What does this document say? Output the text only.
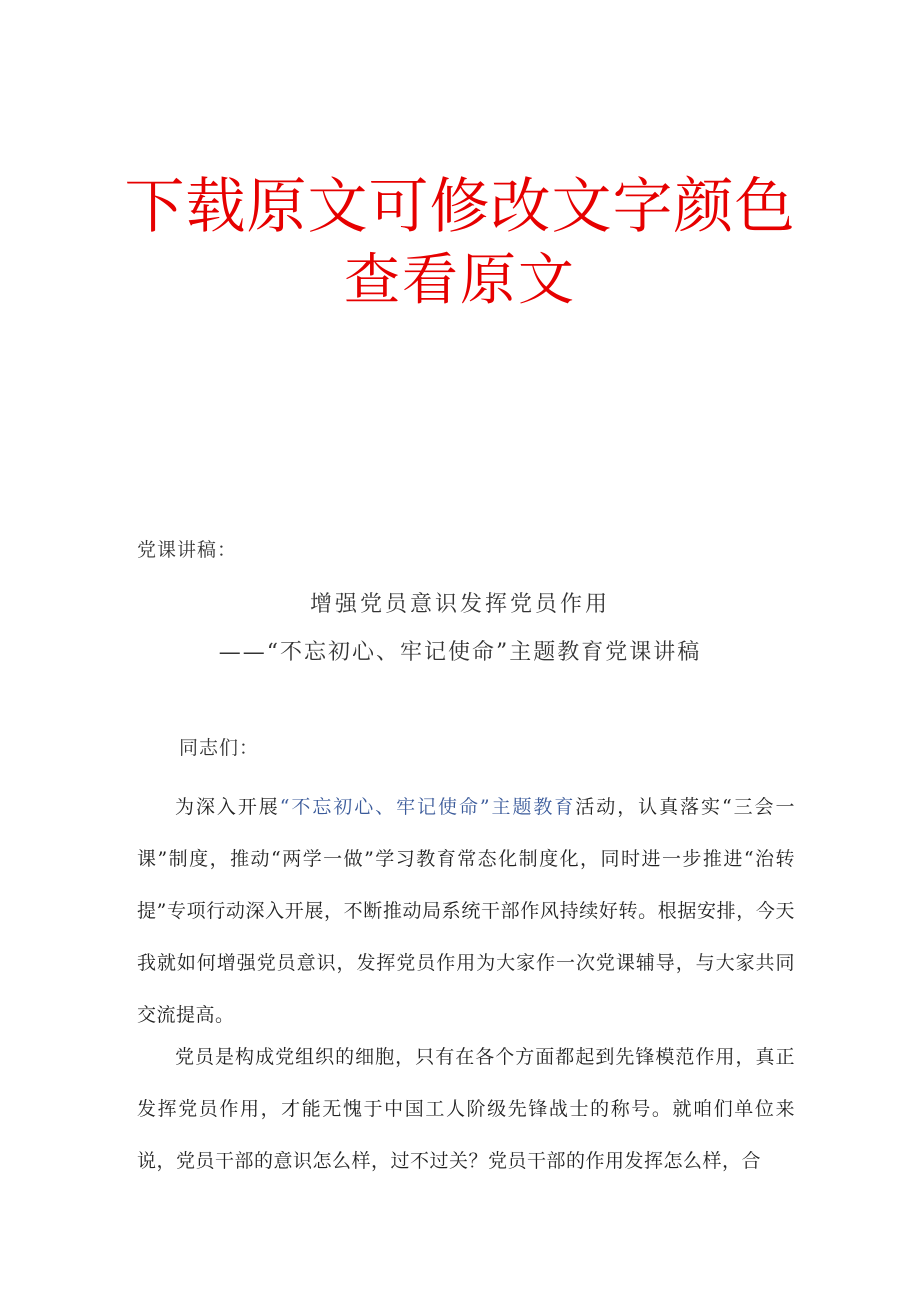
下载原文可修改文字颜色
查看原文
党课讲稿：
增强党员意识发挥党员作用
——“不忘初心、牢记使命”主题教育党课讲稿
同志们：
为深入开展“不忘初心、牢记使命”主题教育活动，认真落实“三会一课”制度，推动“两学一做”学习教育常态化制度化，同时进一步推进“治转提”专项行动深入开展，不断推动局系统干部作风持续好转。根据安排，今天我就如何增强党员意识，发挥党员作用为大家作一次党课辅导，与大家共同交流提高。
党员是构成党组织的细胞，只有在各个方面都起到先锋模范作用，真正发挥党员作用，才能无愧于中国工人阶级先锋战士的称号。就咱们单位来说，党员干部的意识怎么样，过不过关？党员干部的作用发挥怎么样，合
